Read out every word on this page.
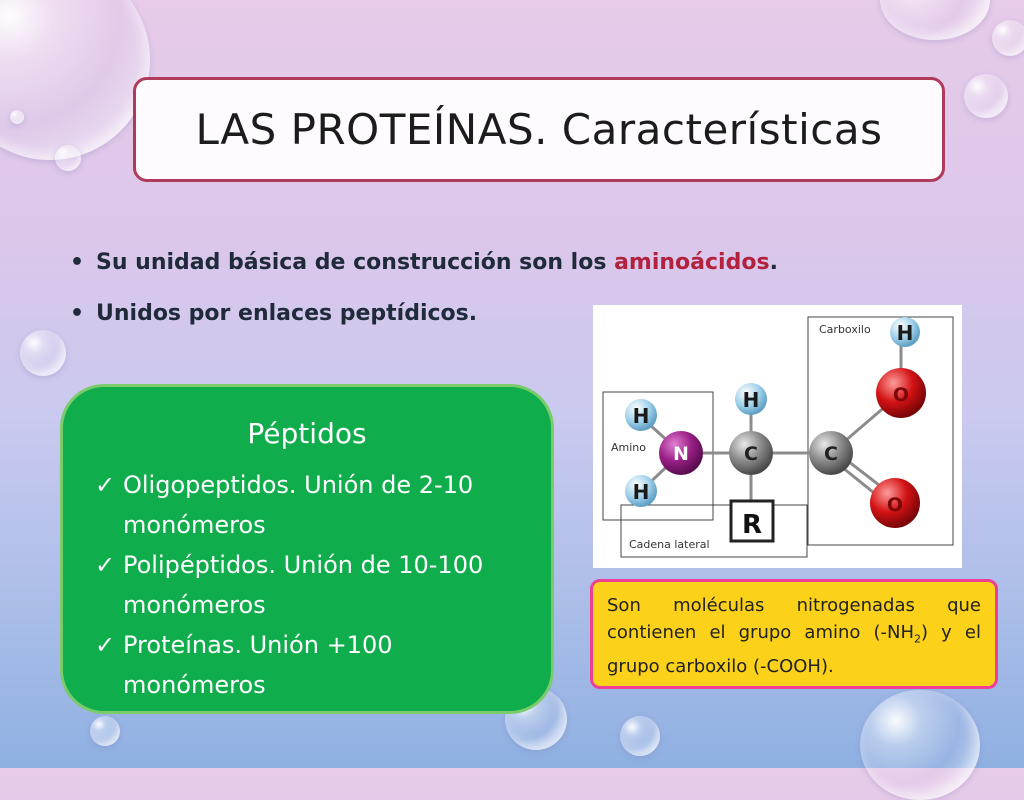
LAS PROTEÍNAS. Características
• Su unidad básica de construcción son los aminoácidos.
• Unidos por enlaces peptídicos.
Péptidos
✓ Oligopeptidos. Unión de 2-10 monómeros
✓ Polipéptidos. Unión de 10-100 monómeros
✓ Proteínas. Unión +100 monómeros
H
H
N
H
C	C
O
O
H
R
Amino
Carboxilo
Cadena lateral
Son moléculas nitrogenadas que contienen el grupo amino $(-NH_2)$ y el grupo carboxilo (-COOH).
